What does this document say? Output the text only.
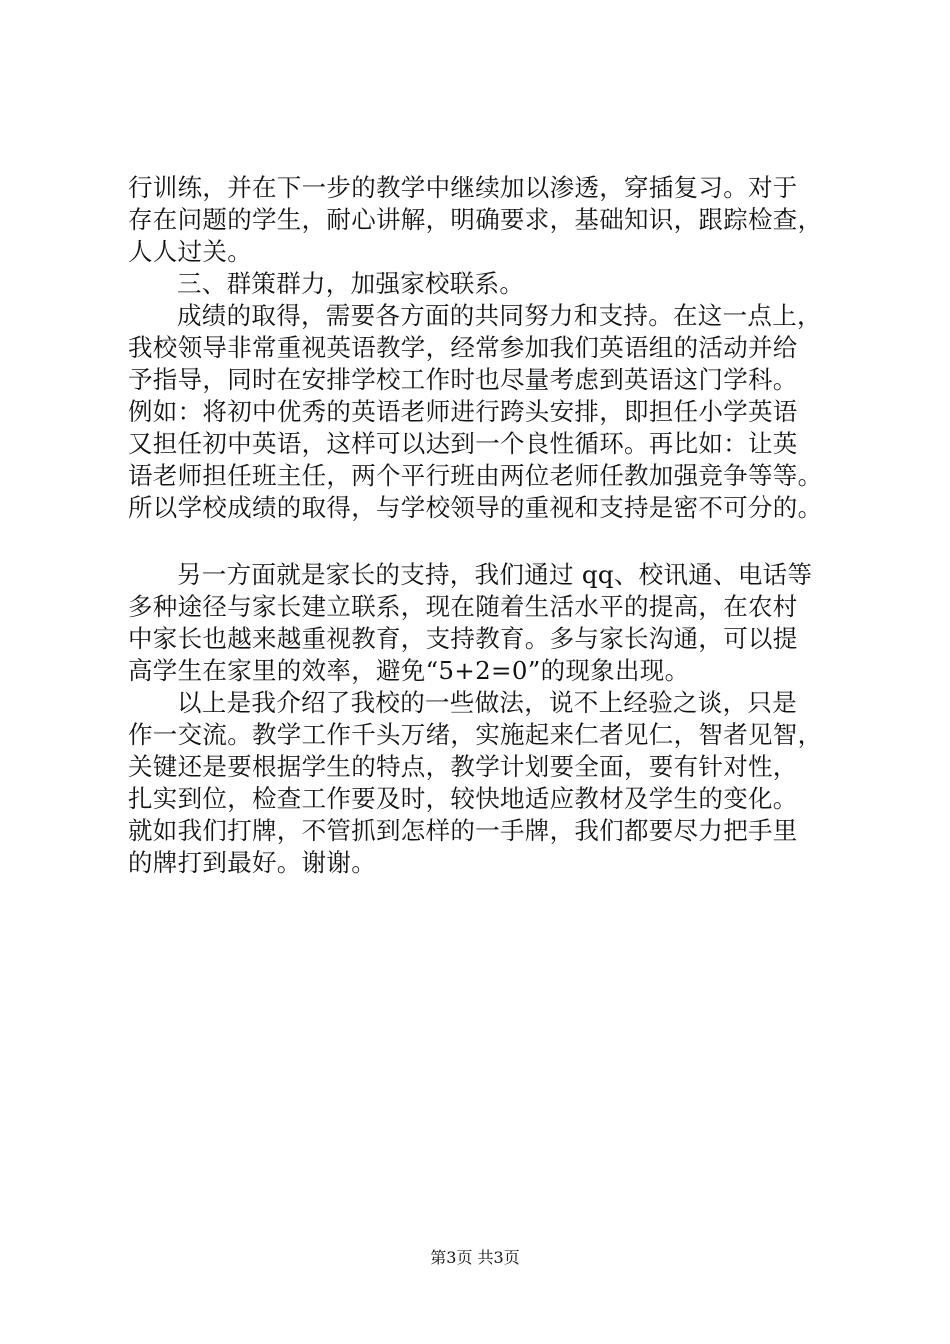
行训练，并在下一步的教学中继续加以渗透，穿插复习。对于
存在问题的学生，耐心讲解，明确要求，基础知识，跟踪检查，
人人过关。
三、群策群力，加强家校联系。
成绩的取得，需要各方面的共同努力和支持。在这一点上，
我校领导非常重视英语教学，经常参加我们英语组的活动并给
予指导，同时在安排学校工作时也尽量考虑到英语这门学科。
例如：将初中优秀的英语老师进行跨头安排，即担任小学英语
又担任初中英语，这样可以达到一个良性循环。再比如：让英
语老师担任班主任，两个平行班由两位老师任教加强竞争等等。
所以学校成绩的取得，与学校领导的重视和支持是密不可分的。
另一方面就是家长的支持，我们通过 qq、校讯通、电话等
多种途径与家长建立联系，现在随着生活水平的提高，在农村
中家长也越来越重视教育，支持教育。多与家长沟通，可以提
高学生在家里的效率，避免“5+2=0”的现象出现。
以上是我介绍了我校的一些做法，说不上经验之谈，只是
作一交流。教学工作千头万绪，实施起来仁者见仁，智者见智，
关键还是要根据学生的特点，教学计划要全面，要有针对性，
扎实到位，检查工作要及时，较快地适应教材及学生的变化。
就如我们打牌，不管抓到怎样的一手牌，我们都要尽力把手里
的牌打到最好。谢谢。
第3页 共3页
